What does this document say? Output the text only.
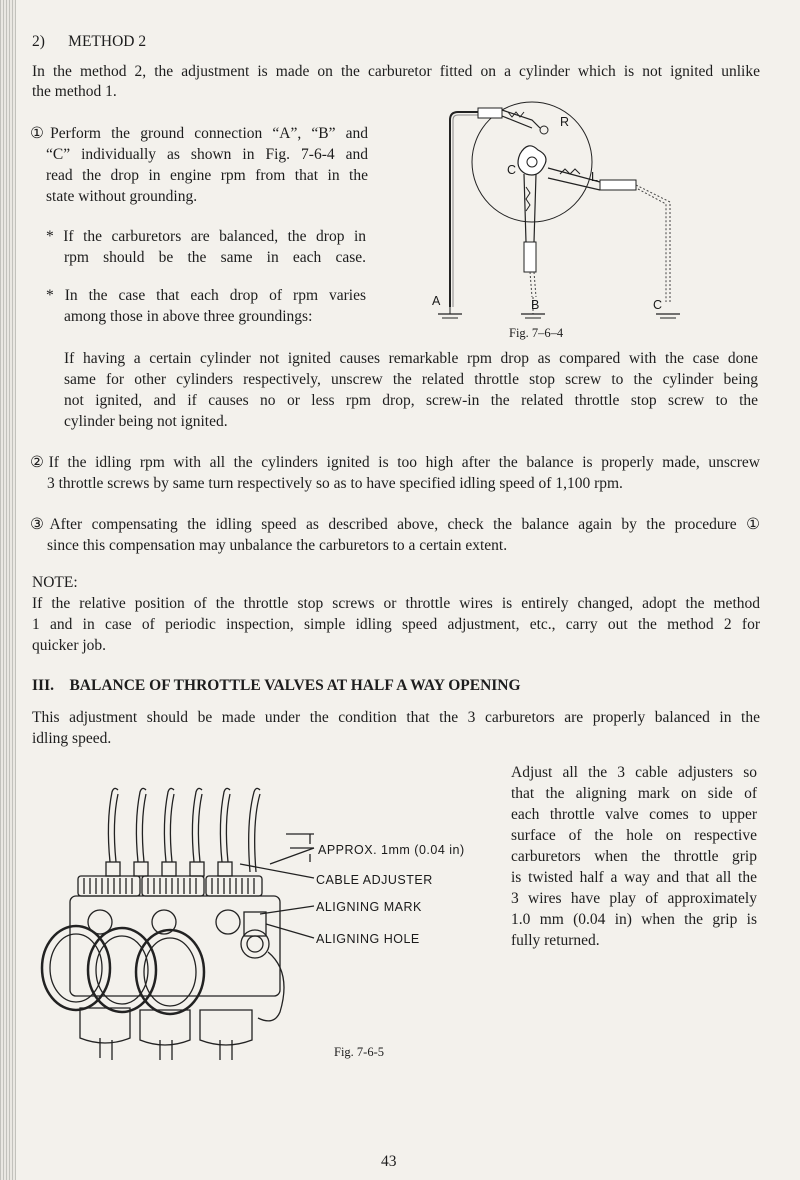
2)      METHOD 2

In the method 2, the adjustment is made on the carburetor fitted on a cylinder which is not ignited unlike

the method 1.

①Perform the ground connection “A”, “B” and

“C” individually as shown in Fig. 7-6-4 and

read the drop in engine rpm from that in the

state without grounding.

* If the carburetors are balanced, the drop in

rpm should be the same in each case.

* In the case that each drop of rpm varies

among those in above three groundings:

R
C	L
A	B	C
Fig. 7–6–4

If having a certain cylinder not ignited causes remarkable rpm drop as compared with the case done

same for other cylinders respectively, unscrew the related throttle stop screw to the cylinder being

not ignited, and if causes no or less rpm drop, screw-in the related throttle stop screw to the

cylinder being not ignited.

②If the idling rpm with all the cylinders ignited is too high after the balance is properly made, unscrew

3 throttle screws by same turn respectively so as to have specified idling speed of 1,100 rpm.

③After compensating the idling speed as described above, check the balance again by the procedure ①

since this compensation may unbalance the carburetors to a certain extent.

NOTE:

If the relative position of the throttle stop screws or throttle wires is entirely changed, adopt the method

1 and in case of periodic inspection, simple idling speed adjustment, etc., carry out the method 2 for

quicker job.

III.    BALANCE OF THROTTLE VALVES AT HALF A WAY OPENING

This adjustment should be made under the condition that the 3 carburetors are properly balanced in the

idling speed.

Adjust all the 3 cable adjusters so

that the aligning mark on side of

each throttle valve comes to upper

surface of the hole on respective

carburetors when the throttle grip

is twisted half a way and that all the

3 wires have play of approximately

1.0 mm (0.04 in) when the grip is

fully returned.

APPROX. 1mm (0.04 in)
CABLE ADJUSTER
ALIGNING MARK
ALIGNING HOLE
Fig. 7-6-5

43
